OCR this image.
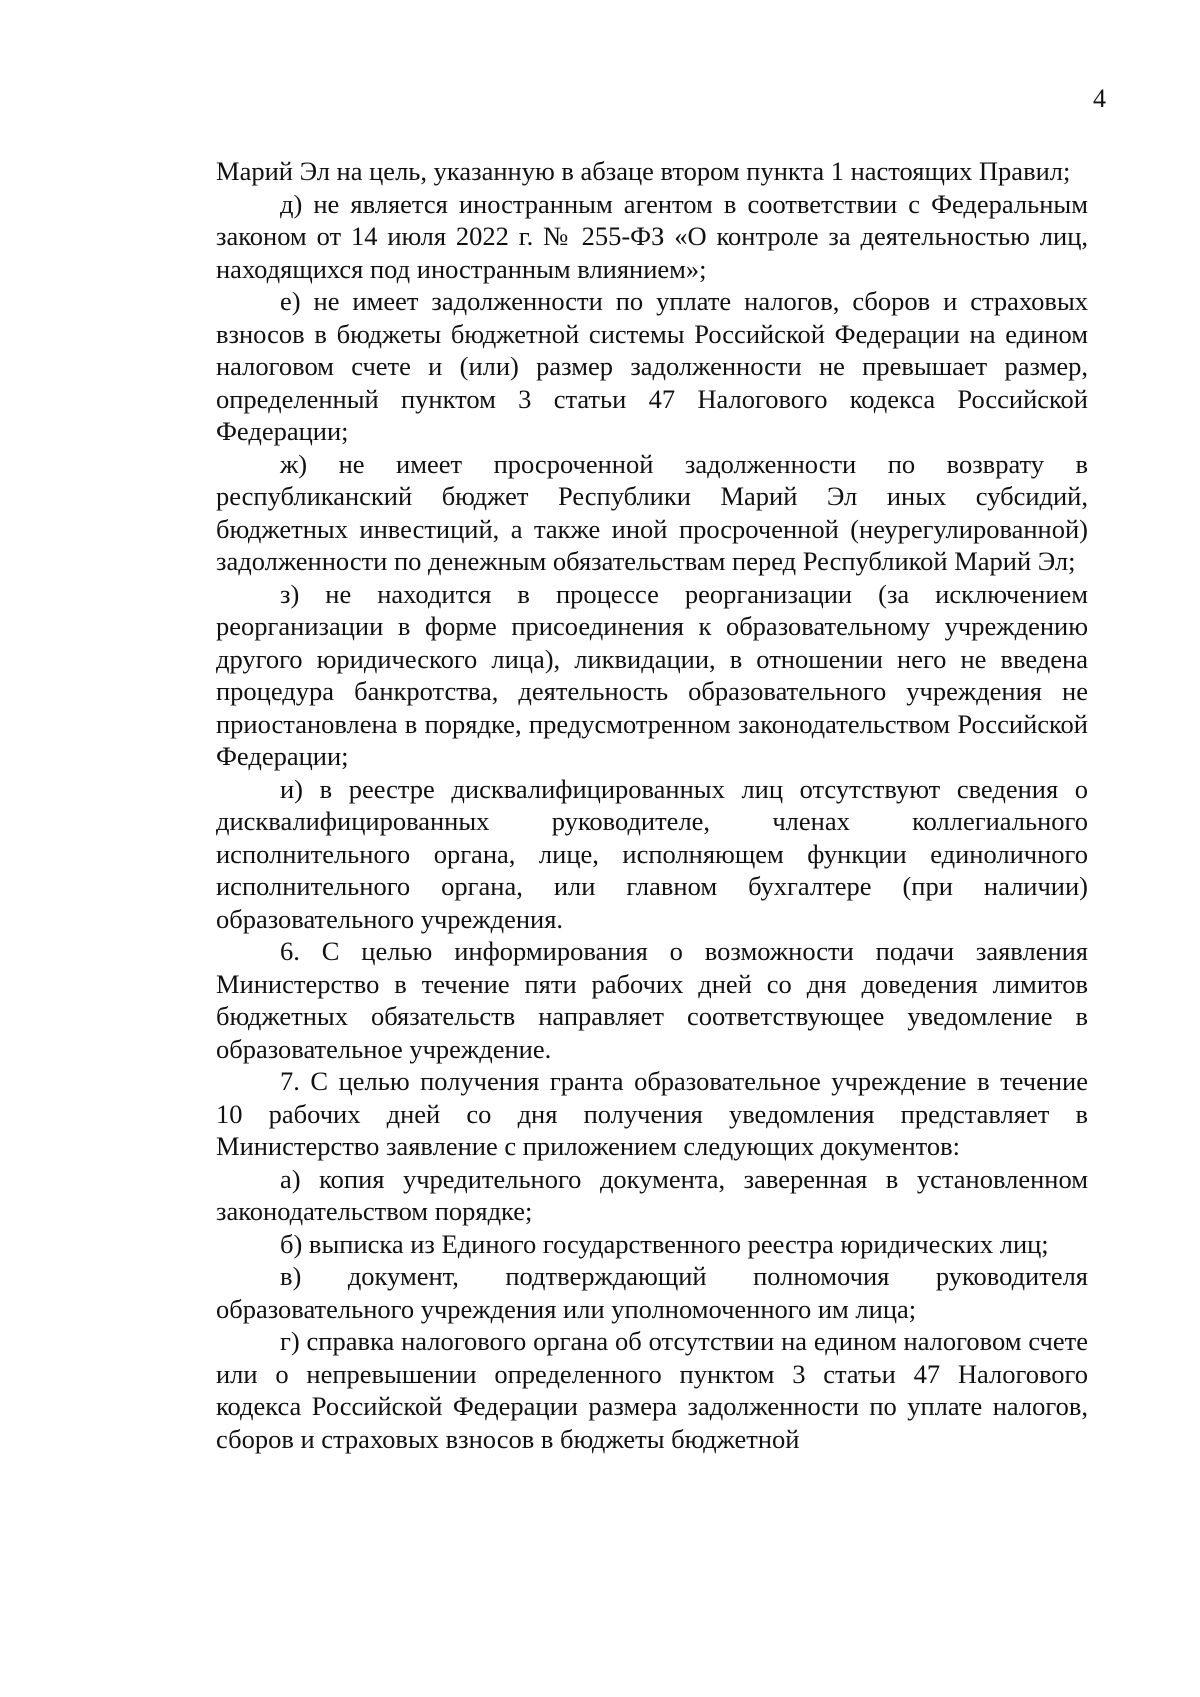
4

Марий Эл на цель, указанную в абзаце втором пункта 1 настоящих Правил;

д) не является иностранным агентом в соответствии с Федеральным законом от 14 июля 2022 г. № 255-ФЗ «О контроле за деятельностью лиц, находящихся под иностранным влиянием»;

е) не имеет задолженности по уплате налогов, сборов и страховых взносов в бюджеты бюджетной системы Российской Федерации на едином налоговом счете и (или) размер задолженности не превышает размер, определенный пунктом 3 статьи 47 Налогового кодекса Российской Федерации;

ж) не имеет просроченной задолженности по возврату в республиканский бюджет Республики Марий Эл иных субсидий, бюджетных инвестиций, а также иной просроченной (неурегулированной) задолженности по денежным обязательствам перед Республикой Марий Эл;

з) не находится в процессе реорганизации (за исключением реорганизации в форме присоединения к образовательному учреждению другого юридического лица), ликвидации, в отношении него не введена процедура банкротства, деятельность образовательного учреждения не приостановлена в порядке, предусмотренном законодательством Российской Федерации;

и) в реестре дисквалифицированных лиц отсутствуют сведения о дисквалифицированных руководителе, членах коллегиального исполнительного органа, лице, исполняющем функции единоличного исполнительного органа, или главном бухгалтере (при наличии) образовательного учреждения.

6. С целью информирования о возможности подачи заявления Министерство в течение пяти рабочих дней со дня доведения лимитов бюджетных обязательств направляет соответствующее уведомление в образовательное учреждение.

7. С целью получения гранта образовательное учреждение в течение 10 рабочих дней со дня получения уведомления представляет в Министерство заявление с приложением следующих документов:

а) копия учредительного документа, заверенная в установленном законодательством порядке;

б) выписка из Единого государственного реестра юридических лиц;

в) документ, подтверждающий полномочия руководителя образовательного учреждения или уполномоченного им лица;

г) справка налогового органа об отсутствии на едином налоговом счете или о непревышении определенного пунктом 3 статьи 47 Налогового кодекса Российской Федерации размера задолженности по уплате налогов, сборов и страховых взносов в бюджеты бюджетной
